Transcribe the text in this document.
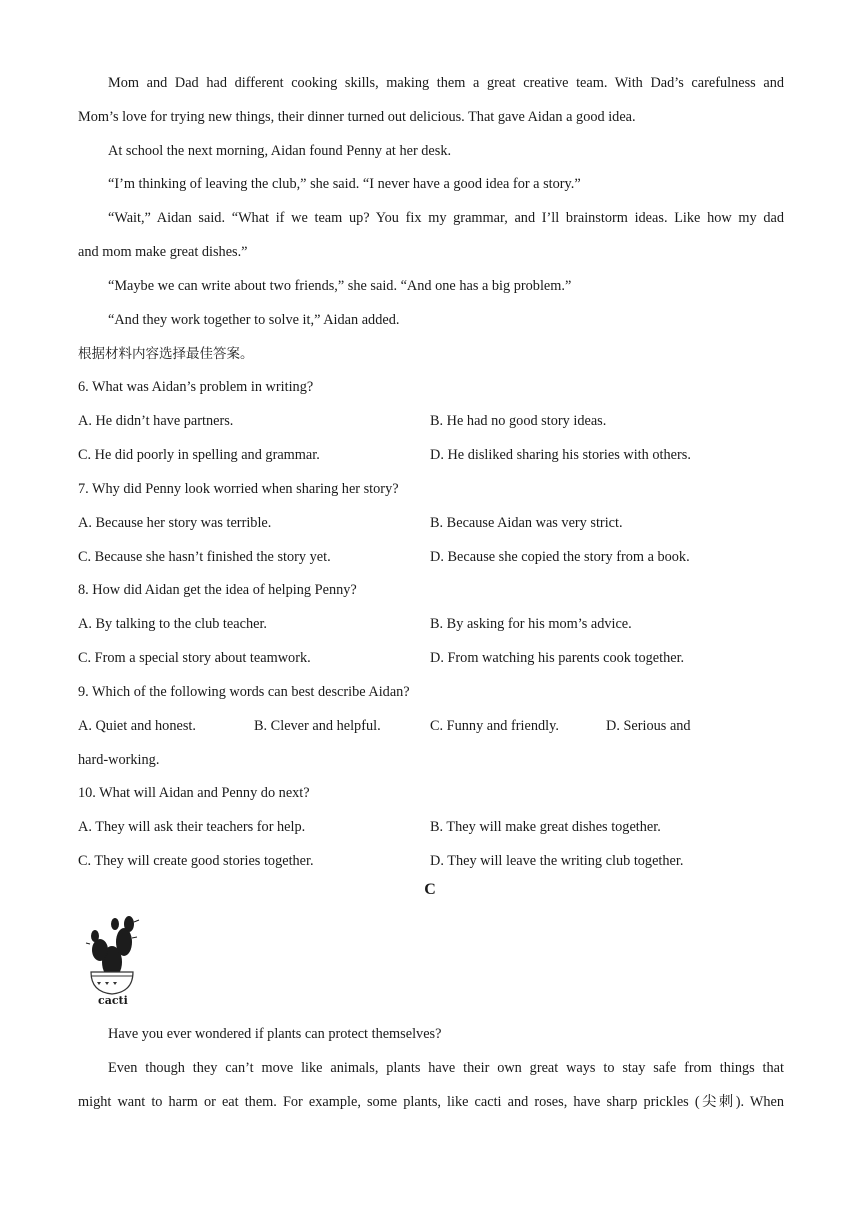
Mom and Dad had different cooking skills, making them a great creative team. With Dad’s carefulness and
Mom’s love for trying new things, their dinner turned out delicious. That gave Aidan a good idea.
At school the next morning, Aidan found Penny at her desk.
“I’m thinking of leaving the club,” she said. “I never have a good idea for a story.”
“Wait,” Aidan said. “What if we team up? You fix my grammar, and I’ll brainstorm ideas. Like how my dad
and mom make great dishes.”
“Maybe we can write about two friends,” she said. “And one has a big problem.”
“And they work together to solve it,” Aidan added.
根据材料内容选择最佳答案。
6. What was Aidan’s problem in writing?
A. He didn’t have partners.	B. He had no good story ideas.
C. He did poorly in spelling and grammar.	D. He disliked sharing his stories with others.
7. Why did Penny look worried when sharing her story?
A. Because her story was terrible.	B. Because Aidan was very strict.
C. Because she hasn’t finished the story yet.	D. Because she copied the story from a book.
8. How did Aidan get the idea of helping Penny?
A. By talking to the club teacher.	B. By asking for his mom’s advice.
C. From a special story about teamwork.	D. From watching his parents cook together.
9. Which of the following words can best describe Aidan?
A. Quiet and honest.	B. Clever and helpful.	C. Funny and friendly.	D. Serious and
hard-working.
10. What will Aidan and Penny do next?
A. They will ask their teachers for help.	B. They will make great dishes together.
C. They will create good stories together.	D. They will leave the writing club together.
C
cacti
Have you ever wondered if plants can protect themselves?
Even though they can’t move like animals, plants have their own great ways to stay safe from things that
might want to harm or eat them. For example, some plants, like cacti and roses, have sharp prickles (尖刺). When
